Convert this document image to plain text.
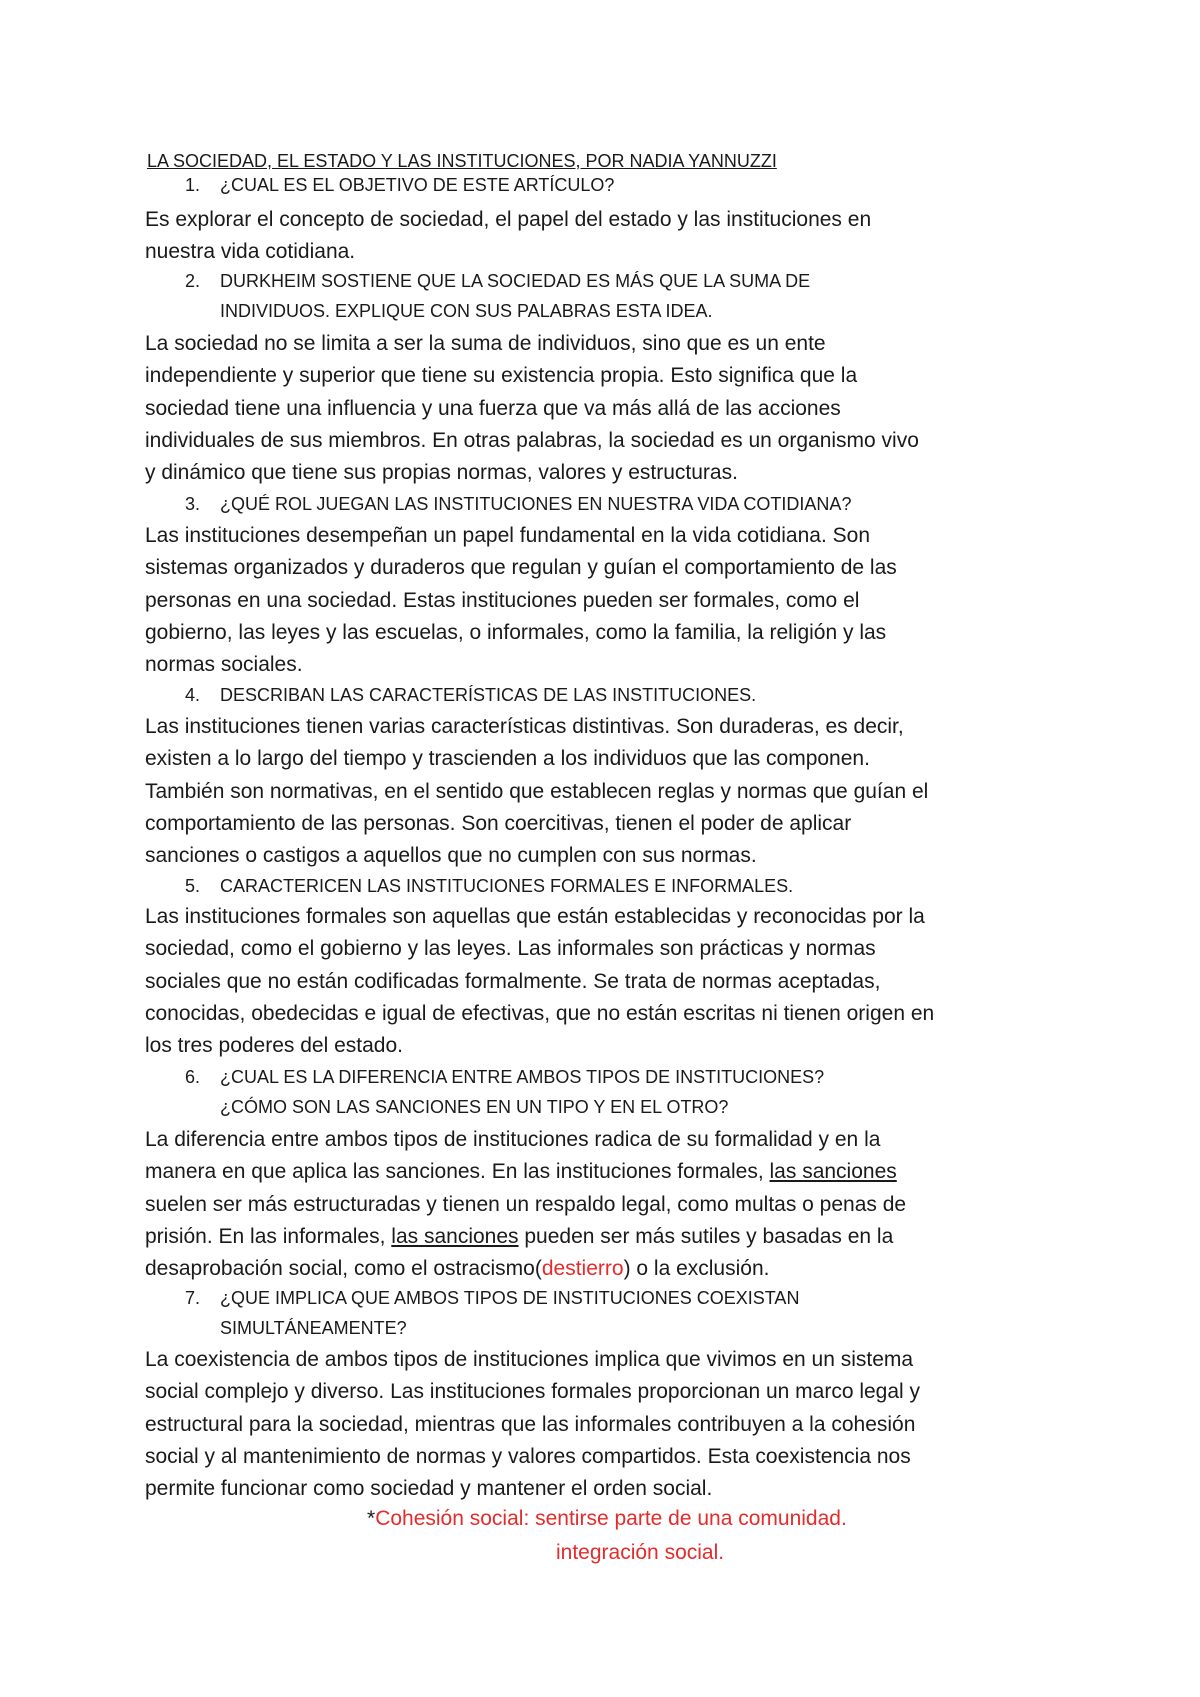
LA SOCIEDAD, EL ESTADO Y LAS INSTITUCIONES, POR NADIA YANNUZZI
1. ¿CUAL ES EL OBJETIVO DE ESTE ARTÍCULO?
Es explorar el concepto de sociedad, el papel del estado y las instituciones en
nuestra vida cotidiana.
2. DURKHEIM SOSTIENE QUE LA SOCIEDAD ES MÁS QUE LA SUMA DE
INDIVIDUOS. EXPLIQUE CON SUS PALABRAS ESTA IDEA.
La sociedad no se limita a ser la suma de individuos, sino que es un ente
independiente y superior que tiene su existencia propia. Esto significa que la
sociedad tiene una influencia y una fuerza que va más allá de las acciones
individuales de sus miembros. En otras palabras, la sociedad es un organismo vivo
y dinámico que tiene sus propias normas, valores y estructuras.
3. ¿QUÉ ROL JUEGAN LAS INSTITUCIONES EN NUESTRA VIDA COTIDIANA?
Las instituciones desempeñan un papel fundamental en la vida cotidiana. Son
sistemas organizados y duraderos que regulan y guían el comportamiento de las
personas en una sociedad. Estas instituciones pueden ser formales, como el
gobierno, las leyes y las escuelas, o informales, como la familia, la religión y las
normas sociales.
4. DESCRIBAN LAS CARACTERÍSTICAS DE LAS INSTITUCIONES.
Las instituciones tienen varias características distintivas. Son duraderas, es decir,
existen a lo largo del tiempo y trascienden a los individuos que las componen.
También son normativas, en el sentido que establecen reglas y normas que guían el
comportamiento de las personas. Son coercitivas, tienen el poder de aplicar
sanciones o castigos a aquellos que no cumplen con sus normas.
5. CARACTERICEN LAS INSTITUCIONES FORMALES E INFORMALES.
Las instituciones formales son aquellas que están establecidas y reconocidas por la
sociedad, como el gobierno y las leyes. Las informales son prácticas y normas
sociales que no están codificadas formalmente. Se trata de normas aceptadas,
conocidas, obedecidas e igual de efectivas, que no están escritas ni tienen origen en
los tres poderes del estado.
6. ¿CUAL ES LA DIFERENCIA ENTRE AMBOS TIPOS DE INSTITUCIONES?
¿CÓMO SON LAS SANCIONES EN UN TIPO Y EN EL OTRO?
La diferencia entre ambos tipos de instituciones radica de su formalidad y en la
manera en que aplica las sanciones. En las instituciones formales, las sanciones
suelen ser más estructuradas y tienen un respaldo legal, como multas o penas de
prisión. En las informales, las sanciones pueden ser más sutiles y basadas en la
desaprobación social, como el ostracismo(destierro) o la exclusión.
7. ¿QUE IMPLICA QUE AMBOS TIPOS DE INSTITUCIONES COEXISTAN
SIMULTÁNEAMENTE?
La coexistencia de ambos tipos de instituciones implica que vivimos en un sistema
social complejo y diverso. Las instituciones formales proporcionan un marco legal y
estructural para la sociedad, mientras que las informales contribuyen a la cohesión
social y al mantenimiento de normas y valores compartidos. Esta coexistencia nos
permite funcionar como sociedad y mantener el orden social.
*Cohesión social: sentirse parte de una comunidad.
integración social.
